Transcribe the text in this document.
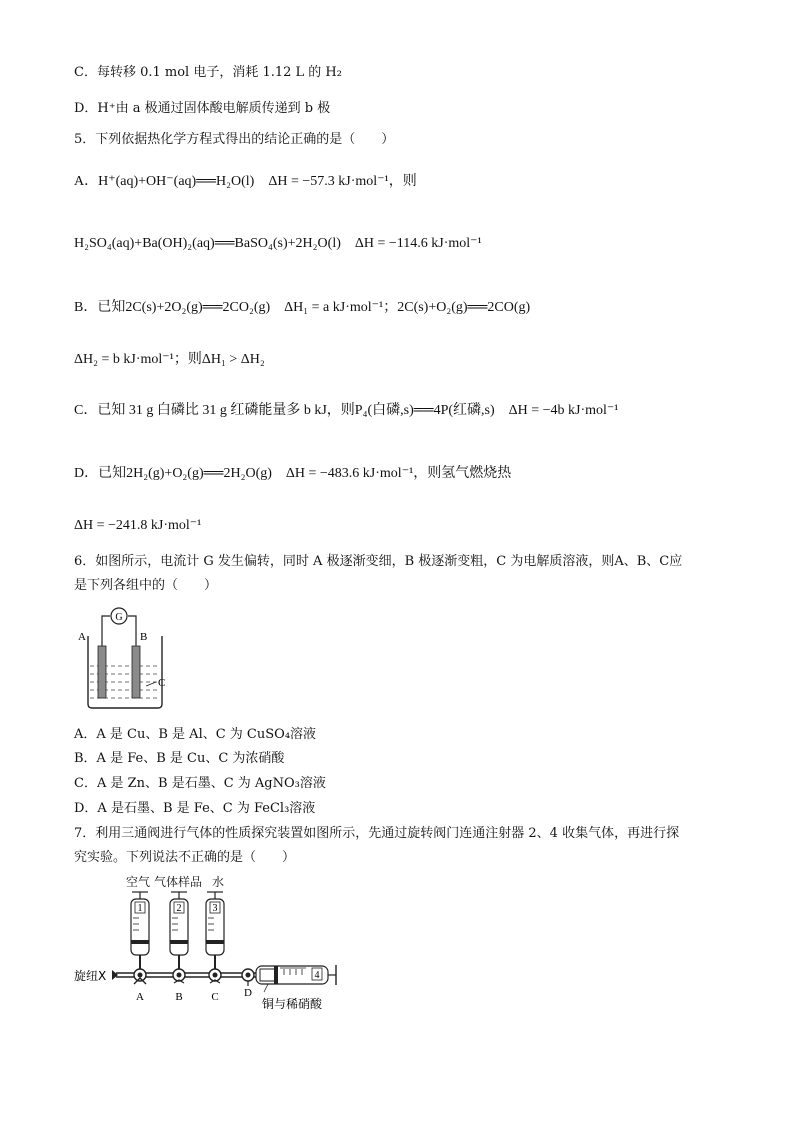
C．每转移 0.1 mol 电子，消耗 1.12 L 的 H₂
D．H⁺由 a 极通过固体酸电解质传递到 b 极
5．下列依据热化学方程式得出的结论正确的是（　　）
A．H⁺(aq)+OH⁻(aq)══H₂O(l)　ΔH = −57.3 kJ·mol⁻¹，则
H₂SO₄(aq)+Ba(OH)₂(aq)══BaSO₄(s)+2H₂O(l)　ΔH = −114.6 kJ·mol⁻¹
B．已知2C(s)+2O₂(g)══2CO₂(g)　ΔH₁ = a kJ·mol⁻¹；2C(s)+O₂(g)══2CO(g)
ΔH₂ = b kJ·mol⁻¹；则ΔH₁ > ΔH₂
C．已知 31 g 白磷比 31 g 红磷能量多 b kJ，则P₄(白磷,s)══4P(红磷,s)　ΔH = −4b kJ·mol⁻¹
D．已知2H₂(g)+O₂(g)══2H₂O(g)　ΔH = −483.6 kJ·mol⁻¹，则氢气燃烧热
ΔH = −241.8 kJ·mol⁻¹
6．如图所示，电流计 G 发生偏转，同时 A 极逐渐变细，B 极逐渐变粗，C 为电解质溶液，则A、B、C应
是下列各组中的（　　）
G
A	B
C
A．A 是 Cu、B 是 Al、C 为 CuSO₄溶液
B．A 是 Fe、B 是 Cu、C 为浓硝酸
C．A 是 Zn、B 是石墨、C 为 AgNO₃溶液
D．A 是石墨、B 是 Fe、C 为 FeCl₃溶液
7．利用三通阀进行气体的性质探究装置如图所示，先通过旋转阀门连通注射器 2、4 收集气体，再进行探
究实验。下列说法不正确的是（　　）
空气 气体样品 水
1	2	3
旋纽X
A	B	C D
4
铜与稀硝酸
